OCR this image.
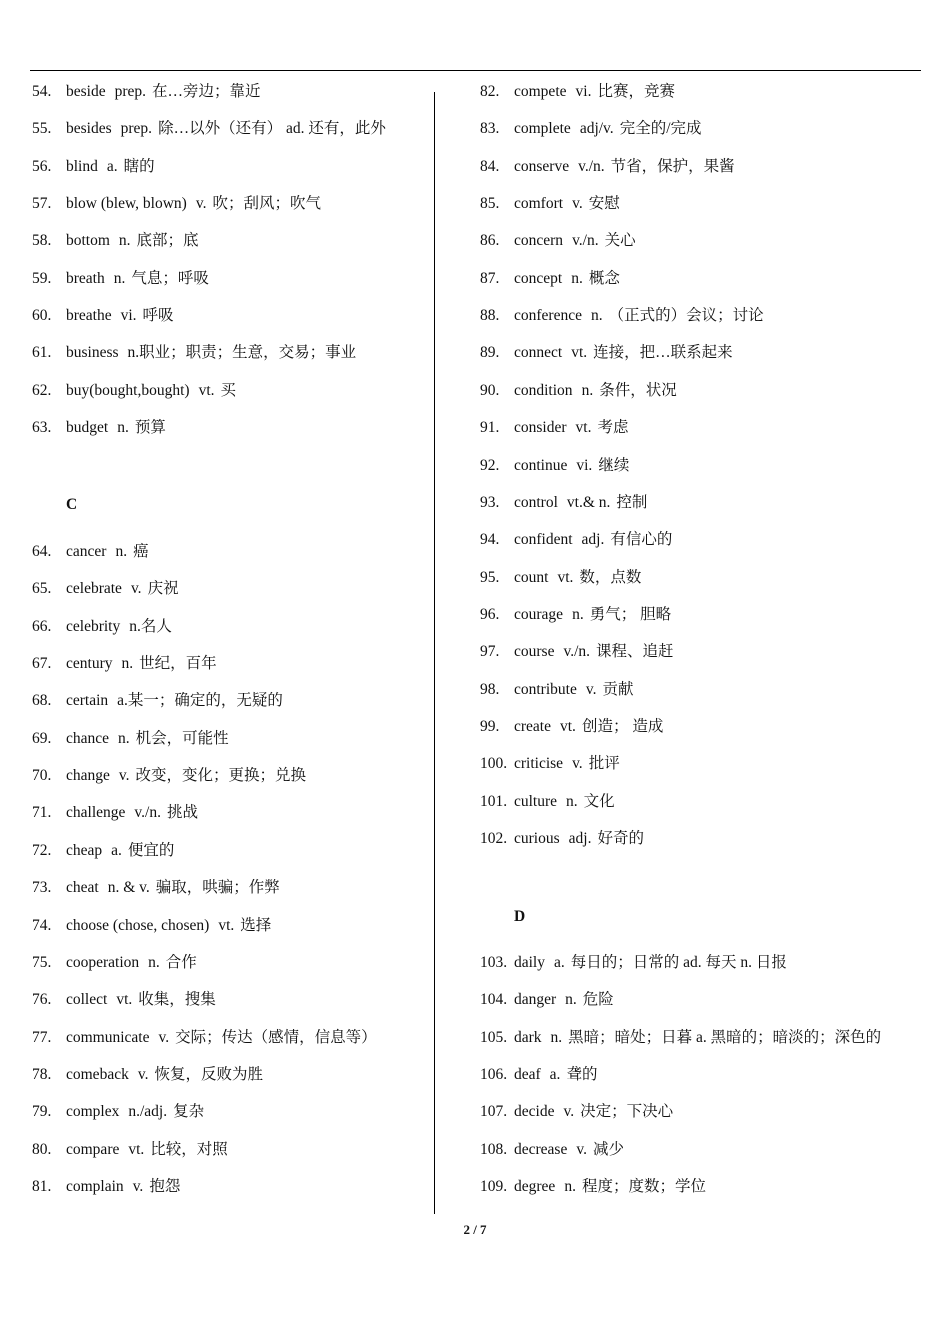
54. beside prep. 在…旁边；靠近
55. besides prep. 除…以外（还有） ad. 还有，此外
56. blind a. 瞎的
57. blow (blew, blown) v. 吹；刮风；吹气
58. bottom n. 底部；底
59. breath n. 气息；呼吸
60. breathe vi. 呼吸
61. business n.职业；职责；生意，交易；事业
62. buy(bought,bought) vt. 买
63. budget n. 预算
C
64. cancer n. 癌
65. celebrate v. 庆祝
66. celebrity n.名人
67. century n. 世纪，百年
68. certain a.某一；确定的，无疑的
69. chance n. 机会，可能性
70. change v. 改变，变化；更换；兑换
71. challenge v./n. 挑战
72. cheap a. 便宜的
73. cheat n. & v. 骗取，哄骗；作弊
74. choose (chose, chosen) vt. 选择
75. cooperation n. 合作
76. collect vt. 收集，搜集
77. communicate v. 交际；传达（感情，信息等）
78. comeback v. 恢复，反败为胜
79. complex n./adj. 复杂
80. compare vt. 比较，对照
81. complain v. 抱怨
82. compete vi. 比赛，竞赛
83. complete adj/v. 完全的/完成
84. conserve v./n. 节省，保护，果酱
85. comfort v. 安慰
86. concern v./n. 关心
87. concept n. 概念
88. conference n. （正式的）会议；讨论
89. connect vt. 连接，把…联系起来
90. condition n. 条件，状况
91. consider vt. 考虑
92. continue vi. 继续
93. control vt.& n. 控制
94. confident adj. 有信心的
95. count vt. 数，点数
96. courage n. 勇气； 胆略
97. course v./n. 课程、追赶
98. contribute v. 贡献
99. create vt. 创造； 造成
100. criticise v. 批评
101. culture n. 文化
102. curious adj. 好奇的
D
103. daily a. 每日的；日常的 ad. 每天 n. 日报
104. danger n. 危险
105. dark n. 黑暗；暗处；日暮 a. 黑暗的；暗淡的；深色的
106. deaf a. 聋的
107. decide v. 决定；下决心
108. decrease v. 减少
109. degree n. 程度；度数；学位
2 / 7
